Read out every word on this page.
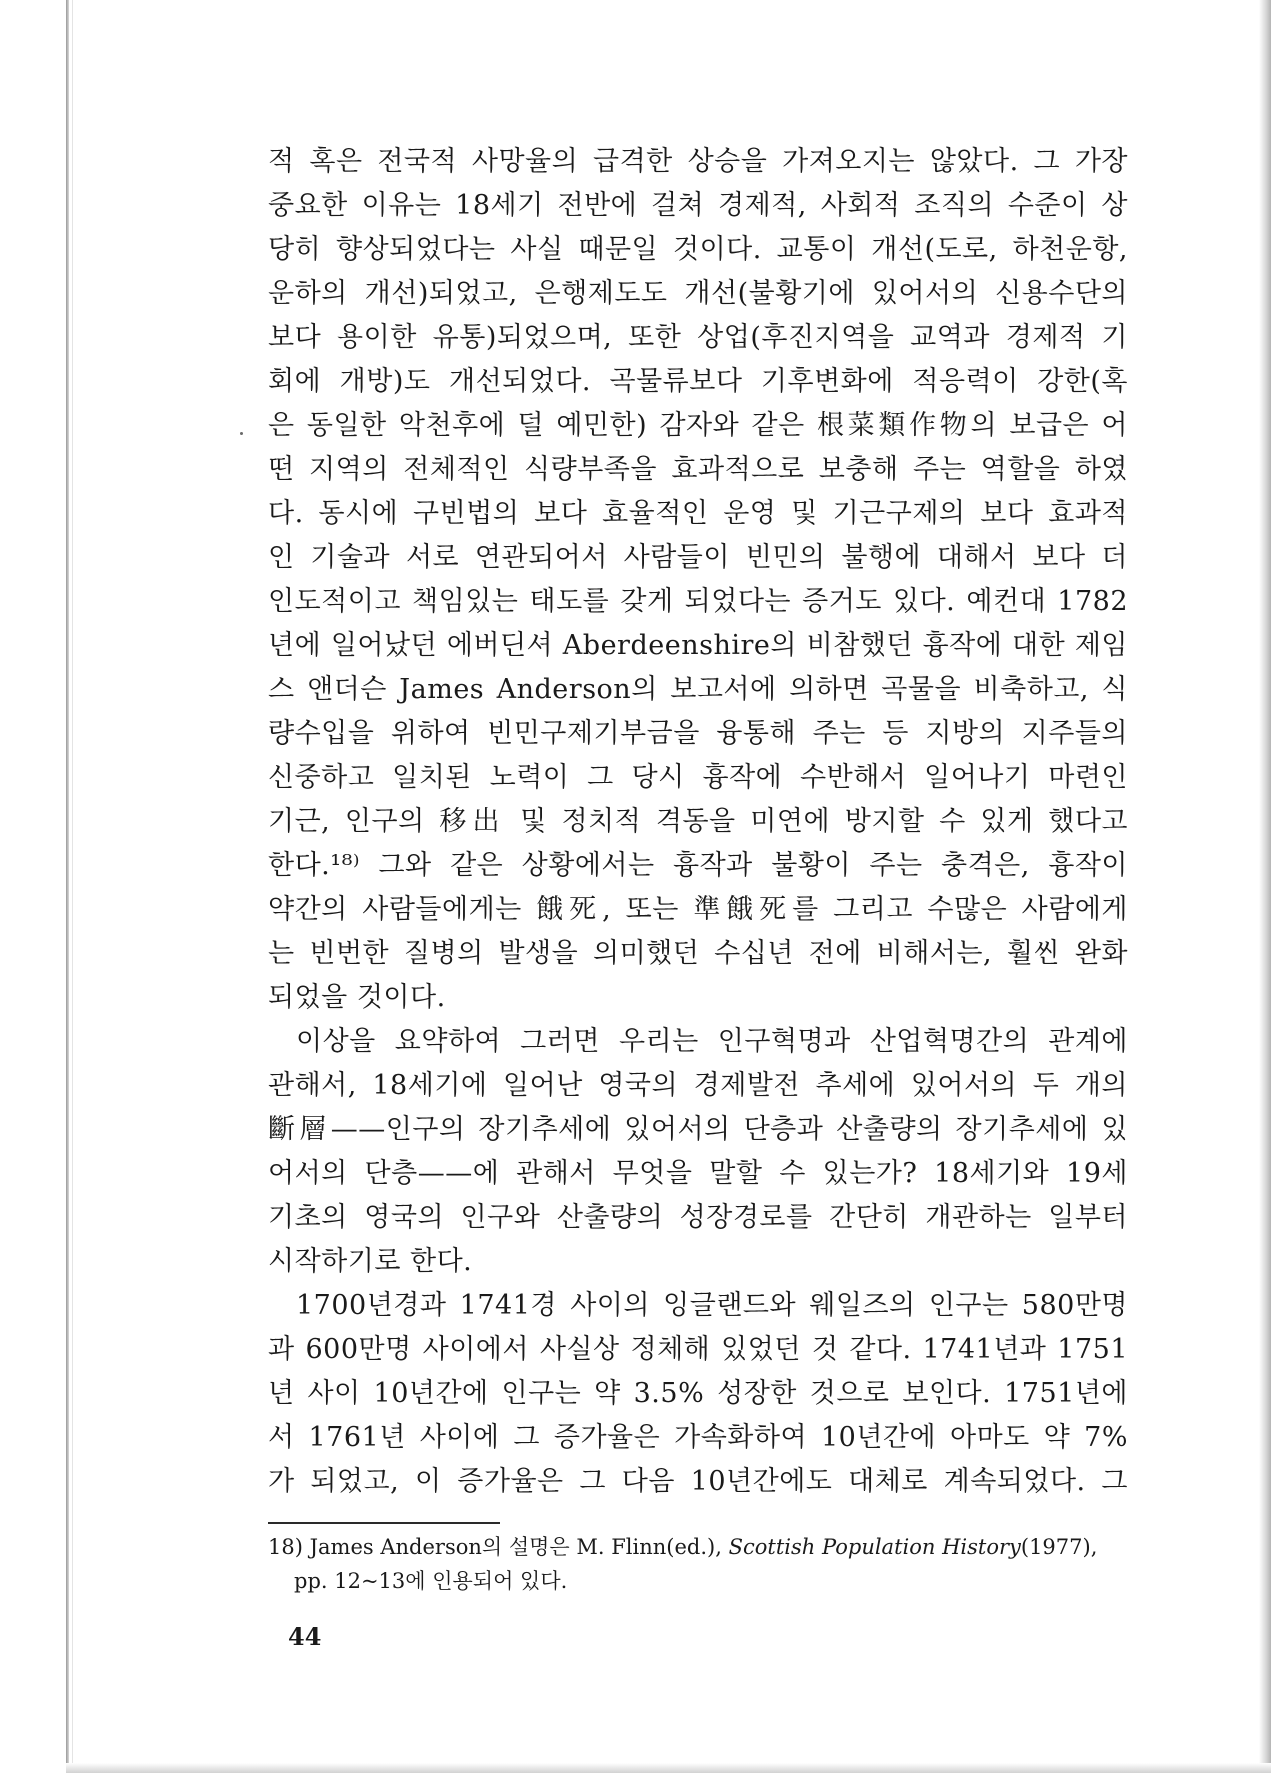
적 혹은 전국적 사망율의 급격한 상승을 가져오지는 않았다. 그 가장
중요한 이유는 18세기 전반에 걸쳐 경제적, 사회적 조직의 수준이 상
당히 향상되었다는 사실 때문일 것이다. 교통이 개선(도로, 하천운항,
운하의 개선)되었고, 은행제도도 개선(불황기에 있어서의 신용수단의
보다 용이한 유통)되었으며, 또한 상업(후진지역을 교역과 경제적 기
회에 개방)도 개선되었다. 곡물류보다 기후변화에 적응력이 강한(혹
은 동일한 악천후에 덜 예민한) 감자와 같은 根菜類作物의 보급은 어
떤 지역의 전체적인 식량부족을 효과적으로 보충해 주는 역할을 하였
다. 동시에 구빈법의 보다 효율적인 운영 및 기근구제의 보다 효과적
인 기술과 서로 연관되어서 사람들이 빈민의 불행에 대해서 보다 더
인도적이고 책임있는 태도를 갖게 되었다는 증거도 있다. 예컨대 1782
년에 일어났던 에버딘셔 Aberdeenshire의 비참했던 흉작에 대한 제임
스 앤더슨 James Anderson의 보고서에 의하면 곡물을 비축하고, 식
량수입을 위하여 빈민구제기부금을 융통해 주는 등 지방의 지주들의
신중하고 일치된 노력이 그 당시 흉작에 수반해서 일어나기 마련인
기근, 인구의 移出 및 정치적 격동을 미연에 방지할 수 있게 했다고
한다.¹⁸⁾ 그와 같은 상황에서는 흉작과 불황이 주는 충격은, 흉작이
약간의 사람들에게는 餓死, 또는 準餓死를 그리고 수많은 사람에게
는 빈번한 질병의 발생을 의미했던 수십년 전에 비해서는, 훨씬 완화
되었을 것이다.
이상을 요약하여 그러면 우리는 인구혁명과 산업혁명간의 관계에
관해서, 18세기에 일어난 영국의 경제발전 추세에 있어서의 두 개의
斷層——인구의 장기추세에 있어서의 단층과 산출량의 장기추세에 있
어서의 단층——에 관해서 무엇을 말할 수 있는가? 18세기와 19세
기초의 영국의 인구와 산출량의 성장경로를 간단히 개관하는 일부터
시작하기로 한다.
1700년경과 1741경 사이의 잉글랜드와 웨일즈의 인구는 580만명
과 600만명 사이에서 사실상 정체해 있었던 것 같다. 1741년과 1751
년 사이 10년간에 인구는 약 3.5% 성장한 것으로 보인다. 1751년에
서 1761년 사이에 그 증가율은 가속화하여 10년간에 아마도 약 7%
가 되었고, 이 증가율은 그 다음 10년간에도 대체로 계속되었다. 그
18) James Anderson의 설명은 M. Flinn(ed.), Scottish Population History(1977),
pp. 12~13에 인용되어 있다.
44
